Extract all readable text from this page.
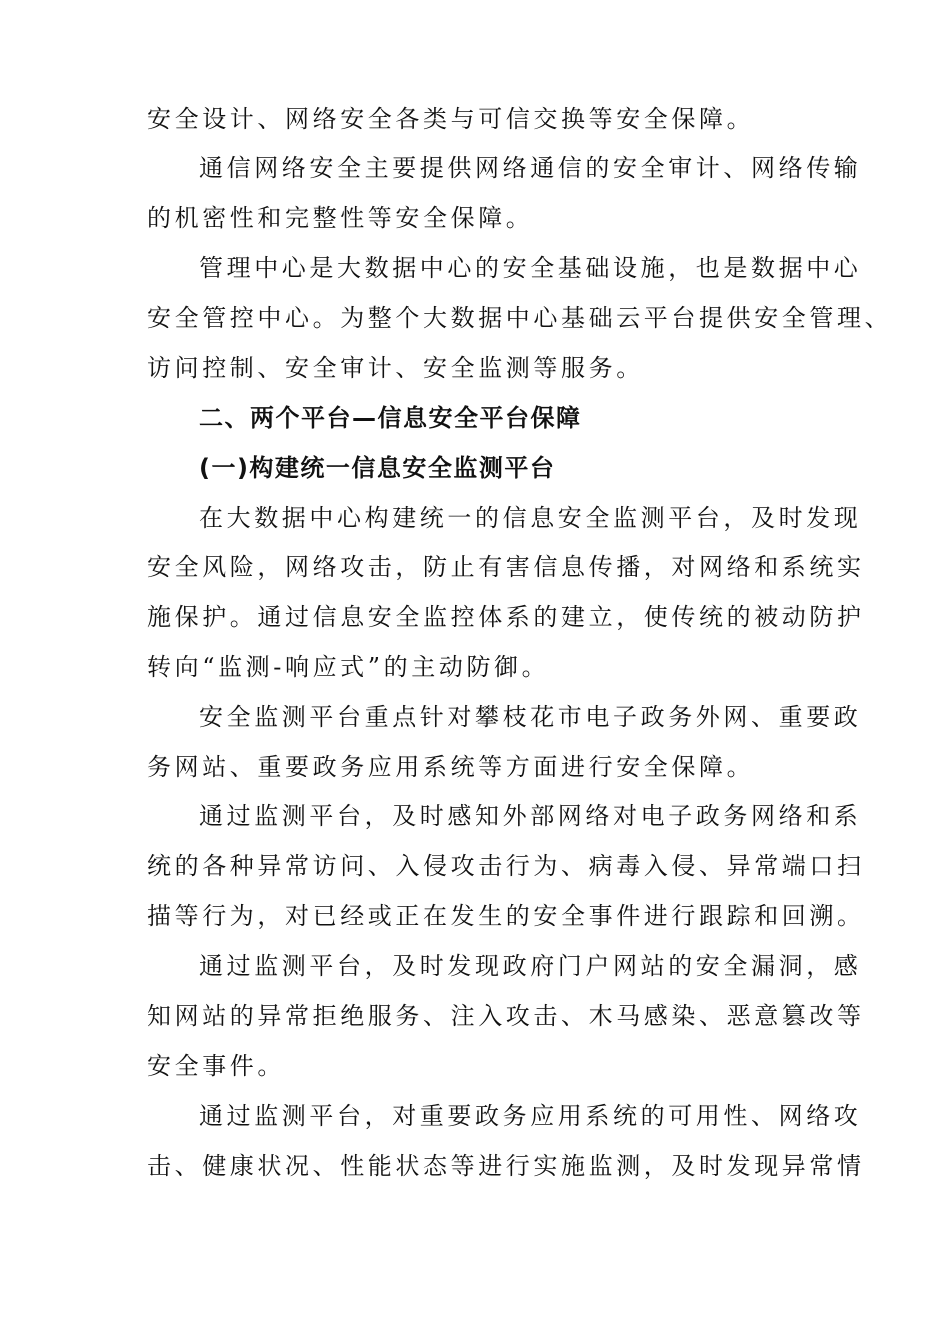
安全设计、网络安全各类与可信交换等安全保障。
通信网络安全主要提供网络通信的安全审计、网络传输
的机密性和完整性等安全保障。
管理中心是大数据中心的安全基础设施，也是数据中心
安全管控中心。为整个大数据中心基础云平台提供安全管理、
访问控制、安全审计、安全监测等服务。
二、两个平台—信息安全平台保障
(一)构建统一信息安全监测平台
在大数据中心构建统一的信息安全监测平台，及时发现
安全风险，网络攻击，防止有害信息传播，对网络和系统实
施保护。通过信息安全监控体系的建立，使传统的被动防护
转向“监测-响应式”的主动防御。
安全监测平台重点针对攀枝花市电子政务外网、重要政
务网站、重要政务应用系统等方面进行安全保障。
通过监测平台，及时感知外部网络对电子政务网络和系
统的各种异常访问、入侵攻击行为、病毒入侵、异常端口扫
描等行为，对已经或正在发生的安全事件进行跟踪和回溯。
通过监测平台，及时发现政府门户网站的安全漏洞，感
知网站的异常拒绝服务、注入攻击、木马感染、恶意篡改等
安全事件。
通过监测平台，对重要政务应用系统的可用性、网络攻
击、健康状况、性能状态等进行实施监测，及时发现异常情
